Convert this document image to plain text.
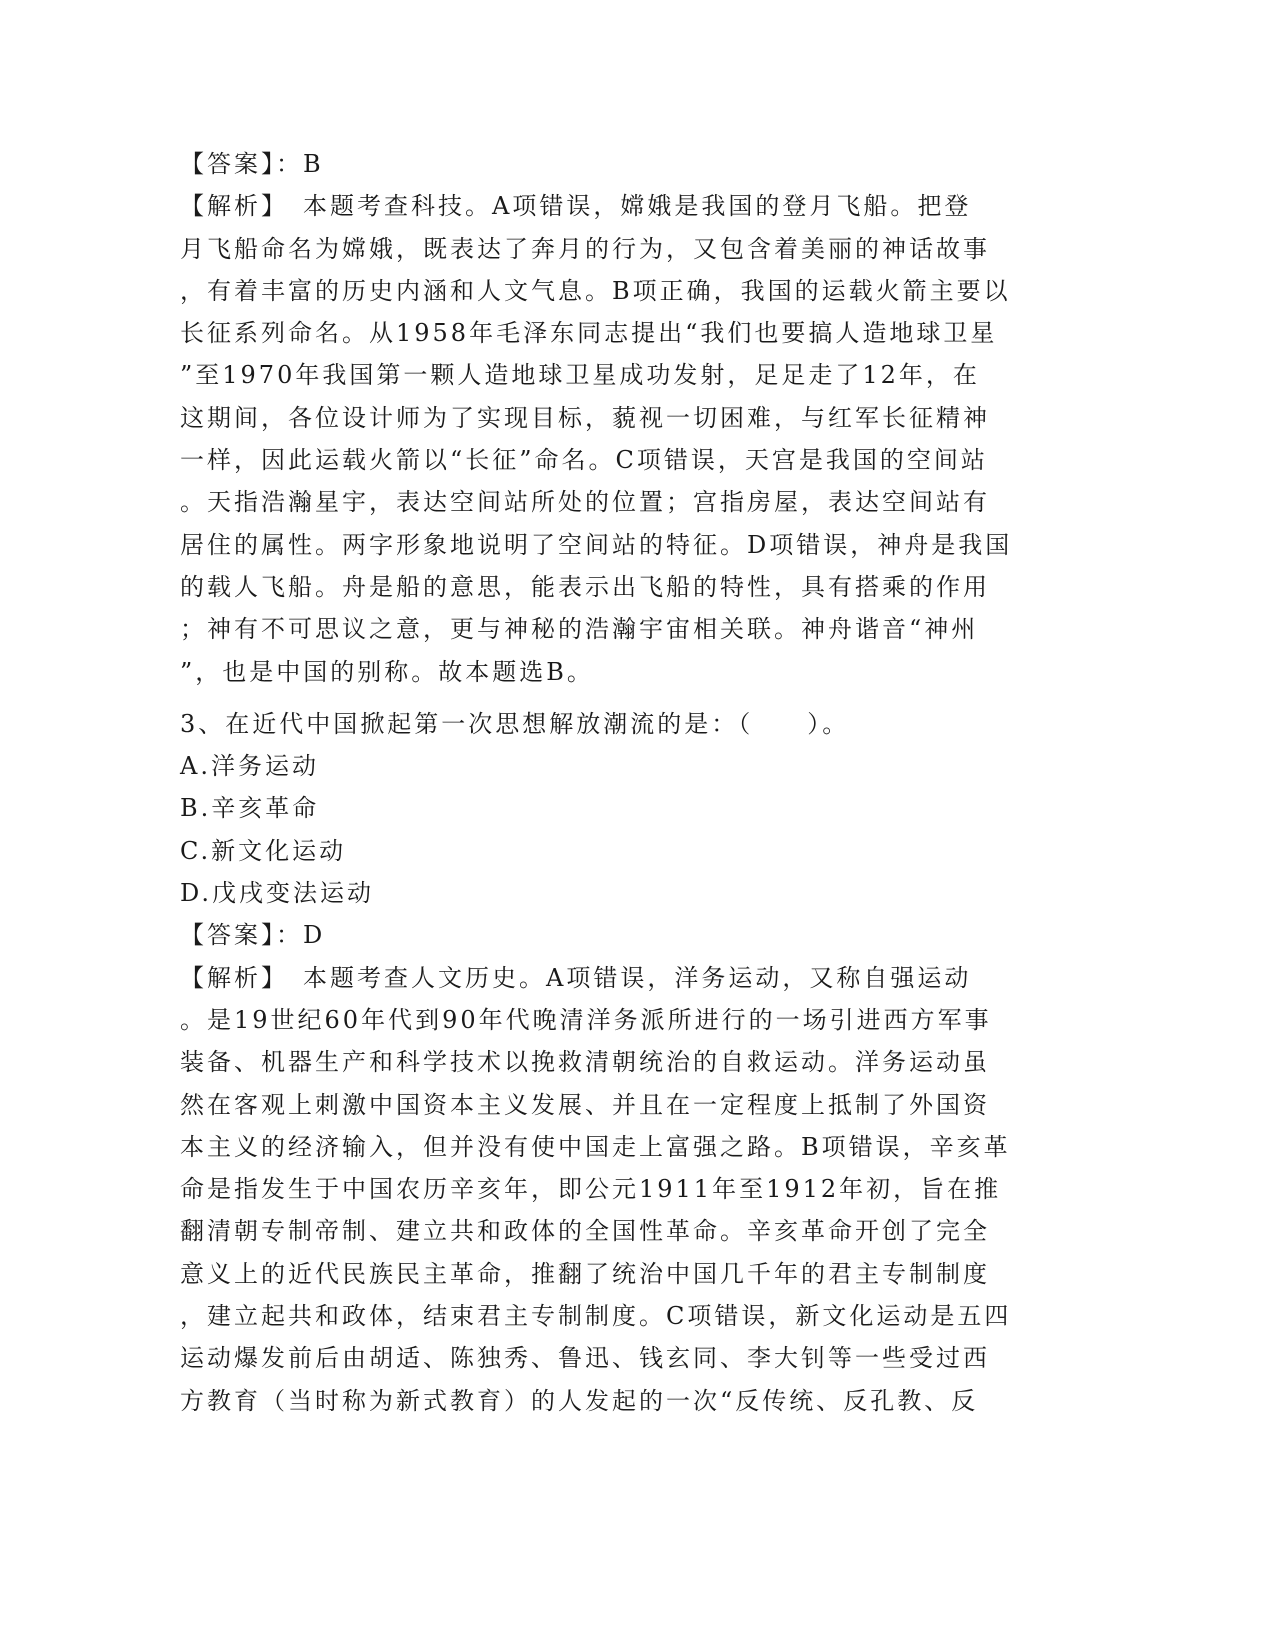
【答案】：B
【解析】　本题考查科技。A项错误，嫦娥是我国的登月飞船。把登
月飞船命名为嫦娥，既表达了奔月的行为，又包含着美丽的神话故事
，有着丰富的历史内涵和人文气息。B项正确，我国的运载火箭主要以
长征系列命名。从1958年毛泽东同志提出“我们也要搞人造地球卫星
”至1970年我国第一颗人造地球卫星成功发射，足足走了12年，在
这期间，各位设计师为了实现目标，藐视一切困难，与红军长征精神
一样，因此运载火箭以“长征”命名。C项错误，天宫是我国的空间站
。天指浩瀚星宇，表达空间站所处的位置；宫指房屋，表达空间站有
居住的属性。两字形象地说明了空间站的特征。D项错误，神舟是我国
的载人飞船。舟是船的意思，能表示出飞船的特性，具有搭乘的作用
；神有不可思议之意，更与神秘的浩瀚宇宙相关联。神舟谐音“神州
”，也是中国的别称。故本题选B。
3、在近代中国掀起第一次思想解放潮流的是：（　　）。
A.洋务运动
B.辛亥革命
C.新文化运动
D.戊戌变法运动
【答案】：D
【解析】　本题考查人文历史。A项错误，洋务运动，又称自强运动
。是19世纪60年代到90年代晚清洋务派所进行的一场引进西方军事
装备、机器生产和科学技术以挽救清朝统治的自救运动。洋务运动虽
然在客观上刺激中国资本主义发展、并且在一定程度上抵制了外国资
本主义的经济输入，但并没有使中国走上富强之路。B项错误，辛亥革
命是指发生于中国农历辛亥年，即公元1911年至1912年初，旨在推
翻清朝专制帝制、建立共和政体的全国性革命。辛亥革命开创了完全
意义上的近代民族民主革命，推翻了统治中国几千年的君主专制制度
，建立起共和政体，结束君主专制制度。C项错误，新文化运动是五四
运动爆发前后由胡适、陈独秀、鲁迅、钱玄同、李大钊等一些受过西
方教育（当时称为新式教育）的人发起的一次“反传统、反孔教、反
